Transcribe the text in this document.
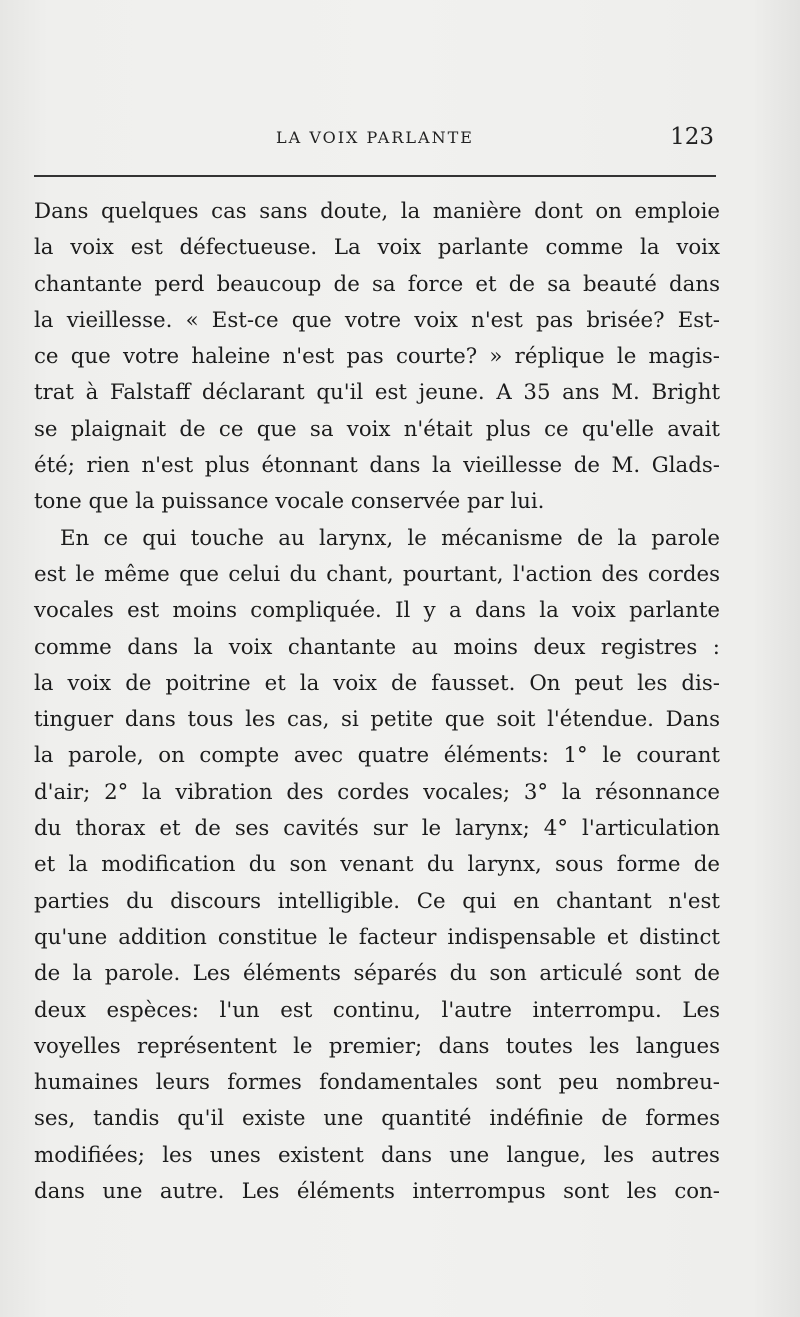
LA VOIX PARLANTE	123
Dans quelques cas sans doute, la manière dont on emploie
la voix est défectueuse. La voix parlante comme la voix
chantante perd beaucoup de sa force et de sa beauté dans
la vieillesse. « Est-ce que votre voix n'est pas brisée? Est-
ce que votre haleine n'est pas courte? » réplique le magis-
trat à Falstaff déclarant qu'il est jeune. A 35 ans M. Bright
se plaignait de ce que sa voix n'était plus ce qu'elle avait
été; rien n'est plus étonnant dans la vieillesse de M. Glads-
tone que la puissance vocale conservée par lui.
En ce qui touche au larynx, le mécanisme de la parole
est le même que celui du chant, pourtant, l'action des cordes
vocales est moins compliquée. Il y a dans la voix parlante
comme dans la voix chantante au moins deux registres :
la voix de poitrine et la voix de fausset. On peut les dis-
tinguer dans tous les cas, si petite que soit l'étendue. Dans
la parole, on compte avec quatre éléments: 1° le courant
d'air; 2° la vibration des cordes vocales; 3° la résonnance
du thorax et de ses cavités sur le larynx; 4° l'articulation
et la modification du son venant du larynx, sous forme de
parties du discours intelligible. Ce qui en chantant n'est
qu'une addition constitue le facteur indispensable et distinct
de la parole. Les éléments séparés du son articulé sont de
deux espèces: l'un est continu, l'autre interrompu. Les
voyelles représentent le premier; dans toutes les langues
humaines leurs formes fondamentales sont peu nombreu-
ses, tandis qu'il existe une quantité indéfinie de formes
modifiées; les unes existent dans une langue, les autres
dans une autre. Les éléments interrompus sont les con-
